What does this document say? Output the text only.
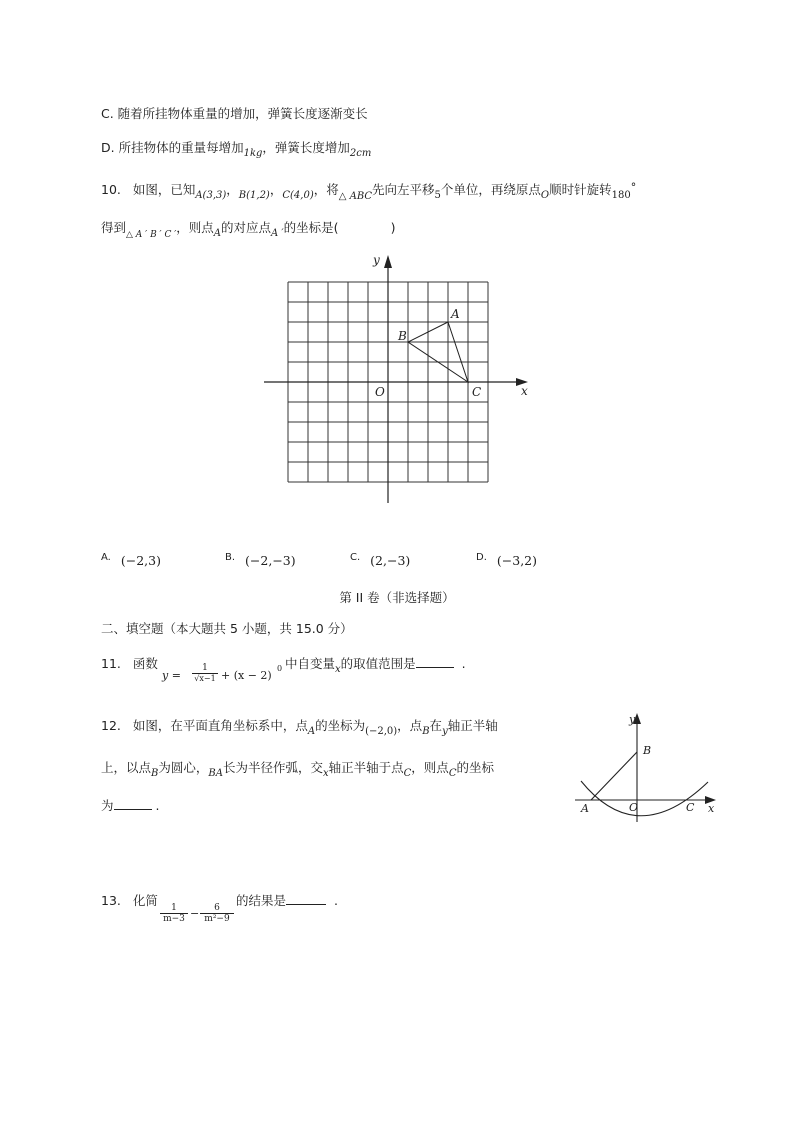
C. 随着所挂物体重量的增加，弹簧长度逐渐变长
D. 所挂物体的重量每增加$_{1kg}$，弹簧长度增加$_{2cm}$
10. 如图，已知$_{A(3,3)}$，$_{B(1,2)}$，$_{C(4,0)}$，将$_{\triangle ABC}$先向左平移$_5$个单位，再绕原点$_O$顺时针旋转$_{180}$°
得到$_{\triangle A ' B ' C '}$，则点$_A$的对应点$_{A '}$的坐标是(	)
y
x
A
B
C
O
$^{A.}$ (−2,3)	$^{B.}$ (−2,−3)	$^{C.}$ (2,−3)	$^{D.}$ (−3,2)
第 II 卷（非选择题）
二、填空题（本大题共 5 小题，共 15.0 分）
11. 函数
$y = \frac{1}{√x-1} + (x - 2)$
0 中自变量$_x$的取值范围是	.
12. 如图，在平面直角坐标系中，点$_A$的坐标为$_{(-2,0)}$，点$_B$在$_y$轴正半轴
上，以点$_B$为圆心，$_{BA}$长为半径作弧，交$_x$轴正半轴于点$_C$，则点$_C$的坐标
为	.
y
x
B
A	O	C
13. 化简
$\frac{1}{m-3} - \frac{6}{\text{m²−9}}$
的结果是	.
